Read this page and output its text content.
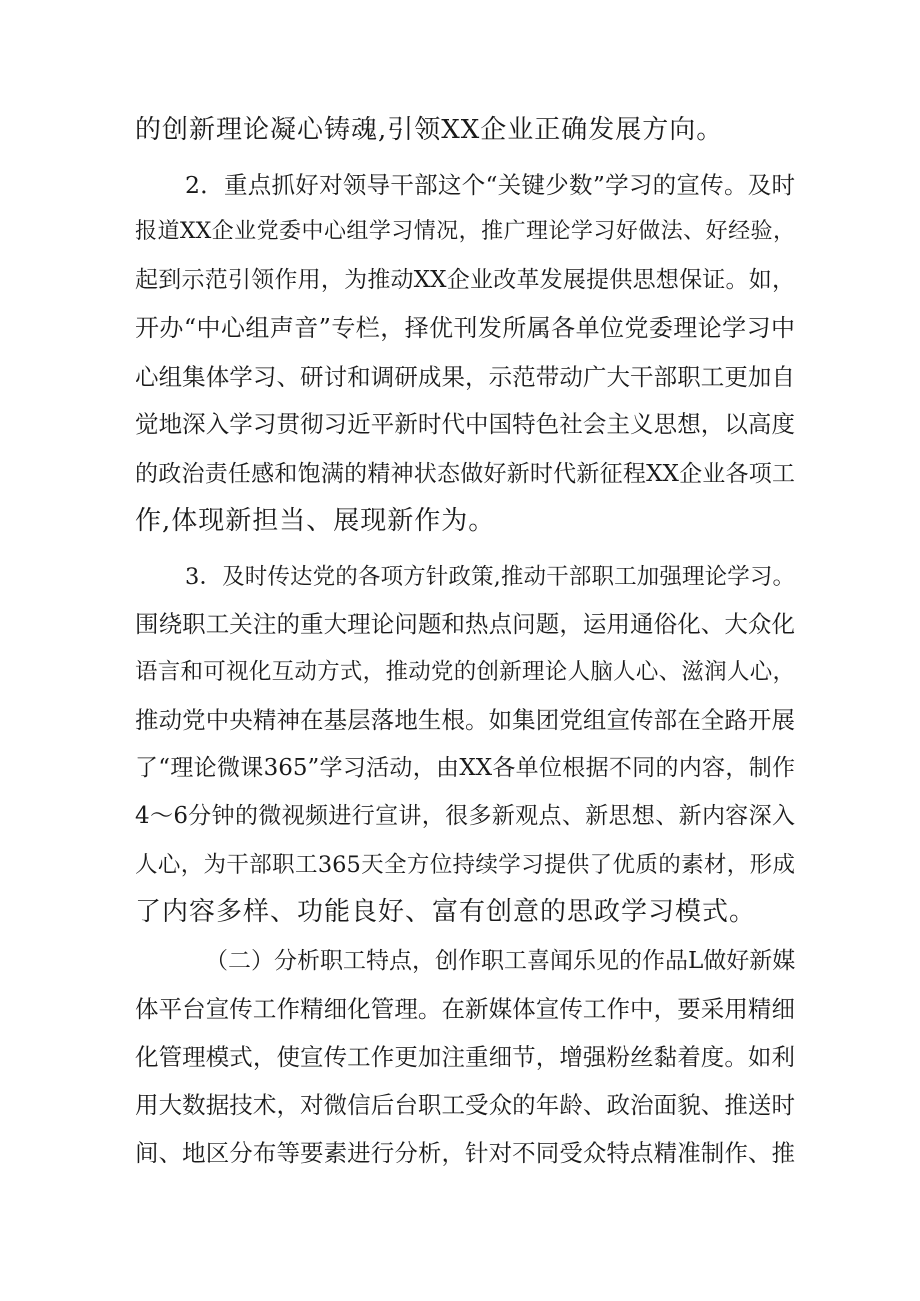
的创新理论凝心铸魂,引领XX企业正确发展方向。
2．重点抓好对领导干部这个“关键少数”学习的宣传。及时
报道XX企业党委中心组学习情况，推广理论学习好做法、好经验，
起到示范引领作用，为推动XX企业改革发展提供思想保证。如，
开办“中心组声音”专栏，择优刊发所属各单位党委理论学习中
心组集体学习、研讨和调研成果，示范带动广大干部职工更加自
觉地深入学习贯彻习近平新时代中国特色社会主义思想，以高度
的政治责任感和饱满的精神状态做好新时代新征程XX企业各项工
作,体现新担当、展现新作为。
3．及时传达党的各项方针政策,推动干部职工加强理论学习。
围绕职工关注的重大理论问题和热点问题，运用通俗化、大众化
语言和可视化互动方式，推动党的创新理论人脑人心、滋润人心，
推动党中央精神在基层落地生根。如集团党组宣传部在全路开展
了“理论微课365”学习活动，由XX各单位根据不同的内容，制作
4〜6分钟的微视频进行宣讲，很多新观点、新思想、新内容深入
人心，为干部职工365天全方位持续学习提供了优质的素材，形成
了内容多样、功能良好、富有创意的思政学习模式。
（二）分析职工特点，创作职工喜闻乐见的作品L做好新媒
体平台宣传工作精细化管理。在新媒体宣传工作中，要采用精细
化管理模式，使宣传工作更加注重细节，增强粉丝黏着度。如利
用大数据技术，对微信后台职工受众的年龄、政治面貌、推送时
间、地区分布等要素进行分析，针对不同受众特点精准制作、推
